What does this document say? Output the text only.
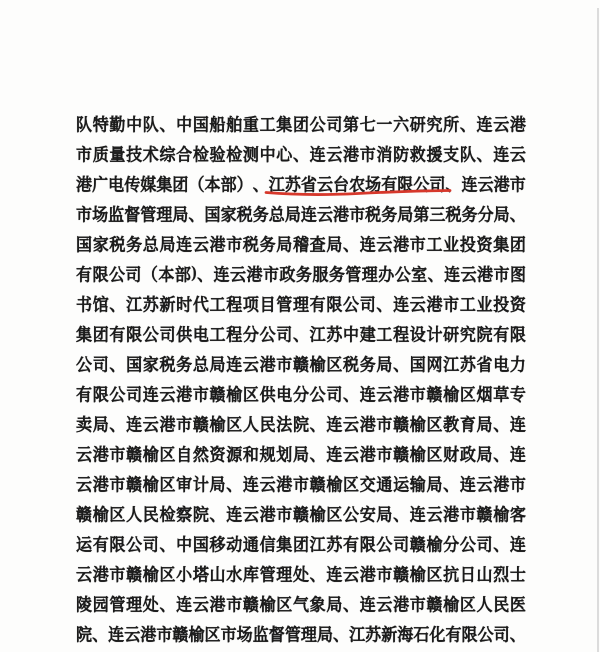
队 特 勤 中 队 、 中 国 船 舶 重 工 集 团 公 司 第 七 一 六 研 究 所 、 连 云 港
市 质 量 技 术 综 合 检 验 检 测 中 心 、 连 云 港 市 消 防 救 援 支 队 、 连 云
港 广 电 传 媒 集 团 （ 本 部 ） 、 江 苏 省 云 台 农 场 有 限 公 司 、 连 云 港 市
市 场 监 督 管 理 局 、 国 家 税 务 总 局 连 云 港 市 税 务 局 第 三 税 务 分 局 、
国 家 税 务 总 局 连 云 港 市 税 务 局 稽 查 局 、 连 云 港 市 工 业 投 资 集 团
有 限 公 司 （ 本 部 ) 、 连 云 港 市 政 务 服 务 管 理 办 公 室 、 连 云 港 市 图
书 馆 、 江 苏 新 时 代 工 程 项 目 管 理 有 限 公 司 、 连 云 港 市 工 业 投 资
集 团 有 限 公 司 供 电 工 程 分 公 司 、 江 苏 中 建 工 程 设 计 研 究 院 有 限
公 司 、 国 家 税 务 总 局 连 云 港 市 赣 榆 区 税 务 局 、 国 网 江 苏 省 电 力
有 限 公 司 连 云 港 市 赣 榆 区 供 电 分 公 司 、 连 云 港 市 赣 榆 区 烟 草 专
卖 局 、 连 云 港 市 赣 榆 区 人 民 法 院 、 连 云 港 市 赣 榆 区 教 育 局 、 连
云 港 市 赣 榆 区 自 然 资 源 和 规 划 局 、 连 云 港 市 赣 榆 区 财 政 局 、 连
云 港 市 赣 榆 区 审 计 局 、 连 云 港 市 赣 榆 区 交 通 运 输 局 、 连 云 港 市
赣 榆 区 人 民 检 察 院 、 连 云 港 市 赣 榆 区 公 安 局 、 连 云 港 市 赣 榆 客
运 有 限 公 司 、 中 国 移 动 通 信 集 团 江 苏 有 限 公 司 赣 榆 分 公 司 、 连
云 港 市 赣 榆 区 小 塔 山 水 库 管 理 处 、 连 云 港 市 赣 榆 区 抗 日 山 烈 士
陵 园 管 理 处 、 连 云 港 市 赣 榆 区 气 象 局 、 连 云 港 市 赣 榆 区 人 民 医
院 、 连 云 港 市 赣 榆 区 市 场 监 督 管 理 局 、 江 苏 新 海 石 化 有 限 公 司 、
